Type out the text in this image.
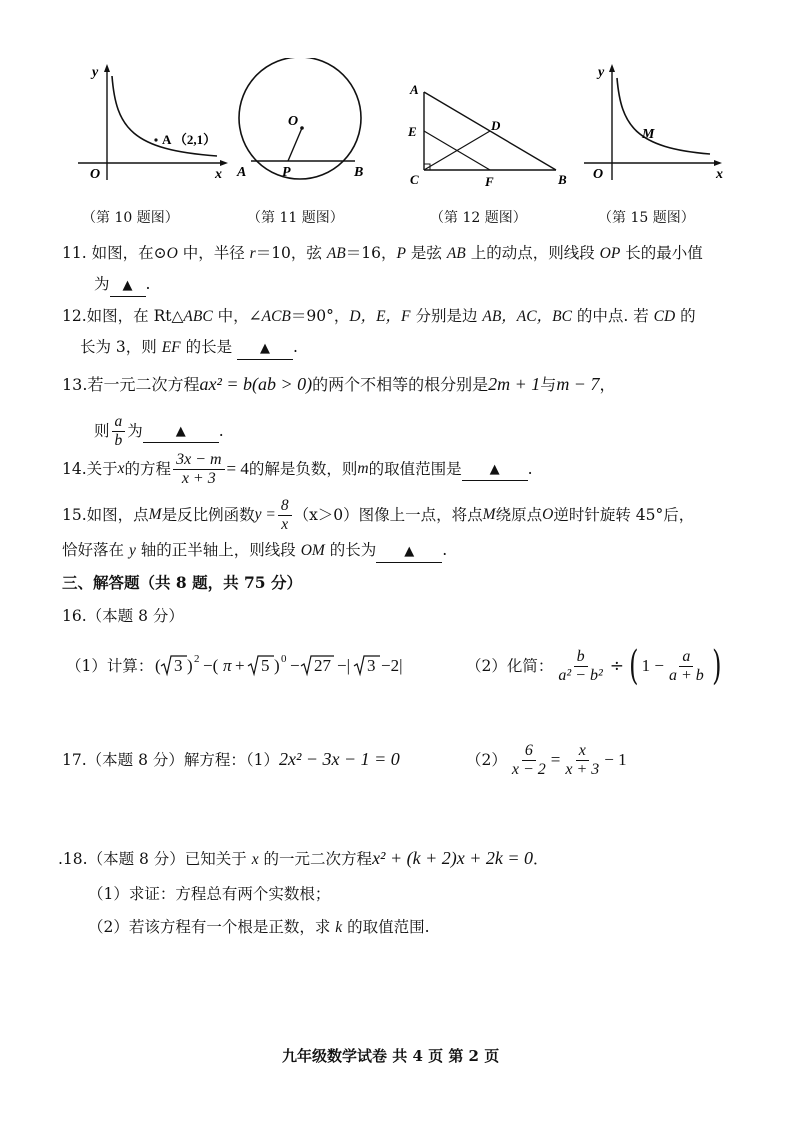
y
x
O
A （2,1）
O
A	P	B
A
E	D
C	F	B
y
x
O
M
（第 10 题图）	（第 11 题图）	（第 12 题图）	（第 15 题图）
11. 如图，在⊙O 中，半径 r＝10，弦 AB＝16，P 是弦 AB 上的动点，则线段 OP 长的最小值
为 ▲ .
12.如图，在 Rt△ABC 中，∠ACB＝90°，D，E，F 分别是边 AB，AC，BC 的中点. 若 CD 的
长为 3，则 EF 的长是 ▲ .
13.若一元二次方程ax² = b(ab > 0)的两个不相等的根分别是2m + 1与m − 7，
则 $\frac{a}{b}$ 为	▲	.
14.关于 x 的方程 $\frac{3x - m}{x + 3} = 4$ 的解是负数，则 m 的取值范围是	▲	.
15.如图，点 M 是反比例函数 $y = \frac{8}{x} (x>0)$图像上一点，将点 M 绕原点 O 逆时针旋转 45°后，
恰好落在 y 轴的正半轴上，则线段 OM 的长为 ▲ .
三、解答题（共 8 题，共 75 分）
16.（本题 8 分）
（1）计算： ( 3 ) 2 −( π + 5 ) 0 − 27 −| 3 −2|	（2）化简： $\frac{b}{\text{a² − b²}}$ ÷ ( $1 - \frac{a}{a + b}$ )
17.（本题 8 分）解方程：（1）2x² − 3x − 1 = 0	$(2) \frac{6}{x - 2} = \frac{x}{x + 3} - 1$
.18.（本题 8 分）已知关于 x 的一元二次方程x² + (k + 2)x + 2k = 0．
（1）求证：方程总有两个实数根；
（2）若该方程有一个根是正数，求 k 的取值范围.
九年级数学试卷 共 4 页 第 2 页
